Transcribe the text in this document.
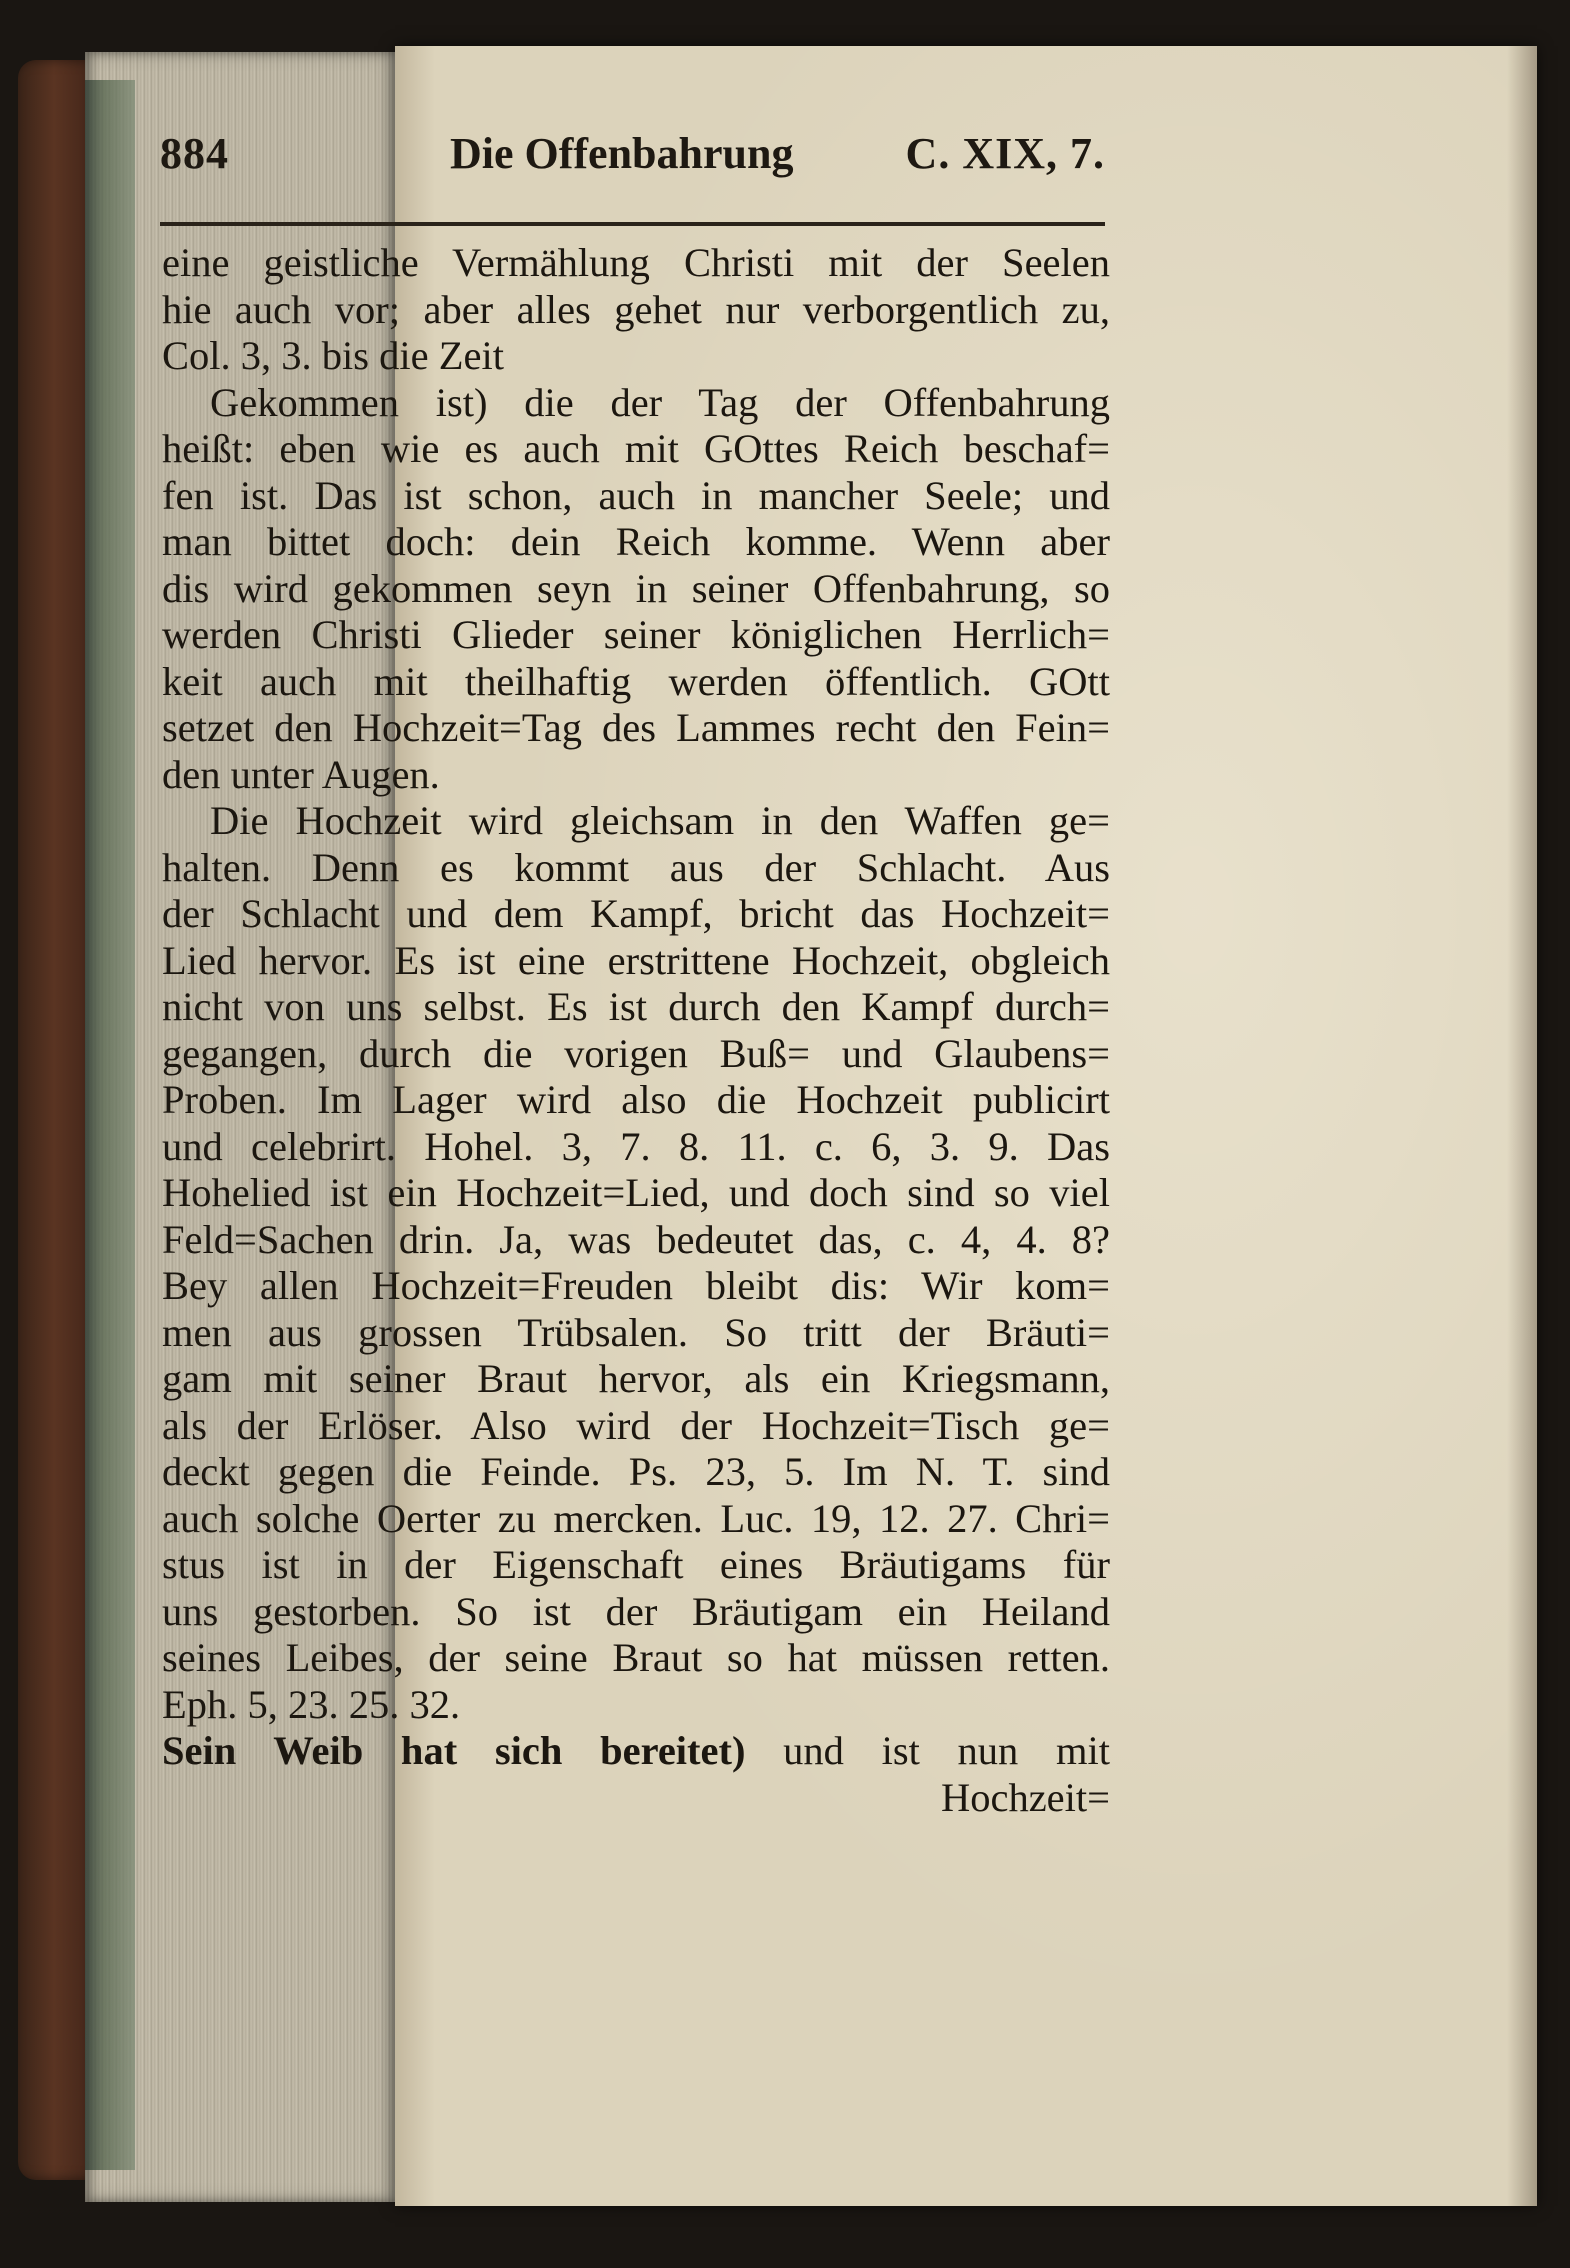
884	Die Offenbahrung	C. XIX, 7.
eine geistliche Vermählung Christi mit der Seelen
hie auch vor; aber alles gehet nur verborgentlich zu,
Col. 3, 3. bis die Zeit
Gekommen ist) die der Tag der Offenbahrung
heißt: eben wie es auch mit GOttes Reich beschaf=
fen ist. Das ist schon, auch in mancher Seele; und
man bittet doch: dein Reich komme. Wenn aber
dis wird gekommen seyn in seiner Offenbahrung, so
werden Christi Glieder seiner königlichen Herrlich=
keit auch mit theilhaftig werden öffentlich. GOtt
setzet den Hochzeit=Tag des Lammes recht den Fein=
den unter Augen.
Die Hochzeit wird gleichsam in den Waffen ge=
halten. Denn es kommt aus der Schlacht. Aus
der Schlacht und dem Kampf, bricht das Hochzeit=
Lied hervor. Es ist eine erstrittene Hochzeit, obgleich
nicht von uns selbst. Es ist durch den Kampf durch=
gegangen, durch die vorigen Buß= und Glaubens=
Proben. Im Lager wird also die Hochzeit publicirt
und celebrirt. Hohel. 3, 7. 8. 11. c. 6, 3. 9. Das
Hohelied ist ein Hochzeit=Lied, und doch sind so viel
Feld=Sachen drin. Ja, was bedeutet das, c. 4, 4. 8?
Bey allen Hochzeit=Freuden bleibt dis: Wir kom=
men aus grossen Trübsalen. So tritt der Bräuti=
gam mit seiner Braut hervor, als ein Kriegsmann,
als der Erlöser. Also wird der Hochzeit=Tisch ge=
deckt gegen die Feinde. Ps. 23, 5. Im N. T. sind
auch solche Oerter zu mercken. Luc. 19, 12. 27. Chri=
stus ist in der Eigenschaft eines Bräutigams für
uns gestorben. So ist der Bräutigam ein Heiland
seines Leibes, der seine Braut so hat müssen retten.
Eph. 5, 23. 25. 32.
Sein Weib hat sich bereitet) und ist nun mit
Hochzeit=
